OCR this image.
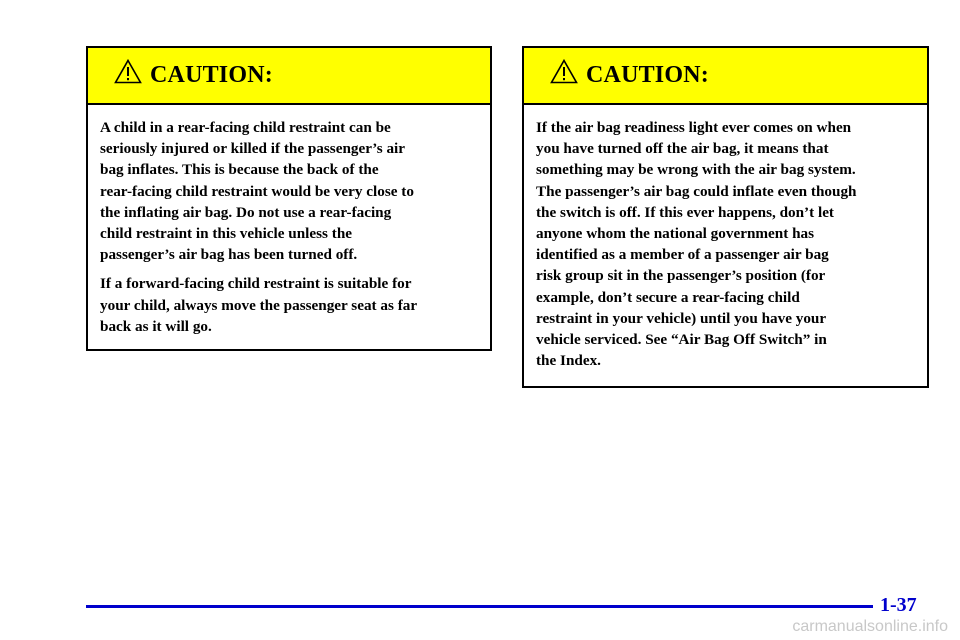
CAUTION:

A child in a rear-facing child restraint can be
seriously injured or killed if the passenger’s air
bag inflates. This is because the back of the
rear-facing child restraint would be very close to
the inflating air bag. Do not use a rear-facing
child restraint in this vehicle unless the
passenger’s air bag has been turned off.

If a forward-facing child restraint is suitable for
your child, always move the passenger seat as far
back as it will go.

CAUTION:

If the air bag readiness light ever comes on when
you have turned off the air bag, it means that
something may be wrong with the air bag system.
The passenger’s air bag could inflate even though
the switch is off. If this ever happens, don’t let
anyone whom the national government has
identified as a member of a passenger air bag
risk group sit in the passenger’s position (for
example, don’t secure a rear-facing child
restraint in your vehicle) until you have your
vehicle serviced. See “Air Bag Off Switch” in
the Index.

1-37
carmanualsonline.info
